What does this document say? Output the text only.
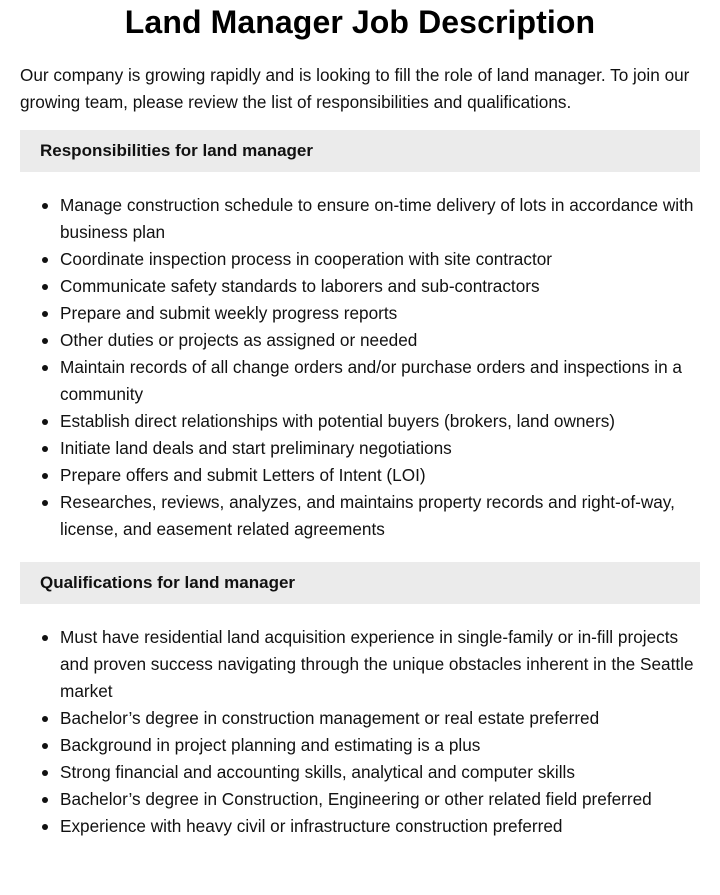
Land Manager Job Description

Our company is growing rapidly and is looking to fill the role of land manager. To join our growing team, please review the list of responsibilities and qualifications.

Responsibilities for land manager
Manage construction schedule to ensure on-time delivery of lots in accordance with business plan
Coordinate inspection process in cooperation with site contractor
Communicate safety standards to laborers and sub-contractors
Prepare and submit weekly progress reports
Other duties or projects as assigned or needed
Maintain records of all change orders and/or purchase orders and inspections in a community
Establish direct relationships with potential buyers (brokers, land owners)
Initiate land deals and start preliminary negotiations
Prepare offers and submit Letters of Intent (LOI)
Researches, reviews, analyzes, and maintains property records and right-of-way, license, and easement related agreements
Qualifications for land manager
Must have residential land acquisition experience in single-family or in-fill projects and proven success navigating through the unique obstacles inherent in the Seattle market
Bachelor’s degree in construction management or real estate preferred
Background in project planning and estimating is a plus
Strong financial and accounting skills, analytical and computer skills
Bachelor’s degree in Construction, Engineering or other related field preferred
Experience with heavy civil or infrastructure construction preferred
